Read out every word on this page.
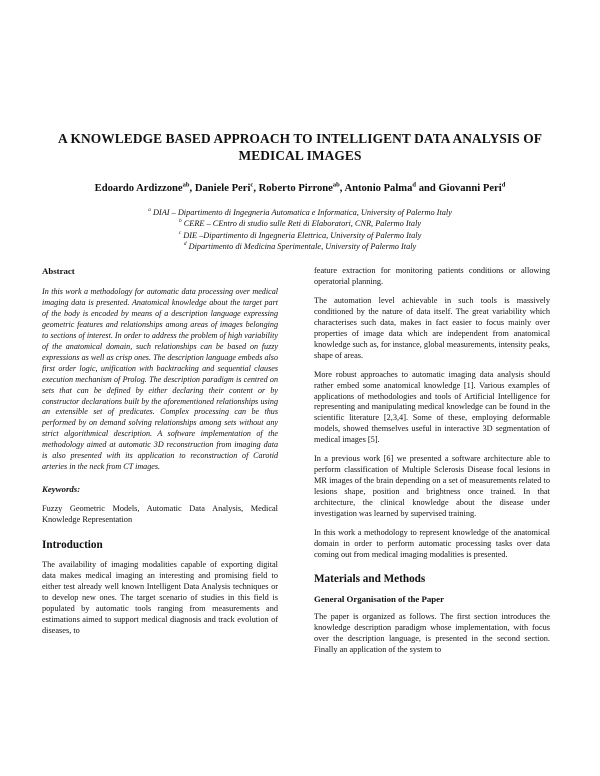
A KNOWLEDGE BASED APPROACH TO INTELLIGENT DATA ANALYSIS OF
MEDICAL IMAGES
Edoardo Ardizzone$^{ab}$, Daniele Peri$^c$, Roberto Pirrone$^{ab}$, Antonio Palma$^d$ and Giovanni Peri$^d$
$^a$ DIAI – Dipartimento di Ingegneria Automatica e Informatica, University of Palermo Italy
$^b$ CERE – CEntro di studio sulle Reti di Elaboratori, CNR, Palermo Italy
$^c$ DIE –Dipartimento di Ingegneria Elettrica, University of Palermo Italy
$^d$ Dipartimento di Medicina Sperimentale, University of Palermo Italy
Abstract

In this work a methodology for automatic data processing over medical imaging data is presented. Anatomical knowledge about the target part of the body is encoded by means of a description language expressing geometric features and relationships among areas of images belonging to sections of interest. In order to address the problem of high variability of the anatomical domain, such relationships can be based on fuzzy expressions as well as crisp ones. The description language embeds also first order logic, unification with backtracking and sequential clauses execution mechanism of Prolog. The description paradigm is centred on sets that can be defined by either declaring their content or by constructor declarations built by the aforementioned relationships using an extensible set of predicates. Complex processing can be thus performed by on demand solving relationships among sets without any strict algorithmical description. A software implementation of the methodology aimed at automatic 3D reconstruction from imaging data is also presented with its application to reconstruction of Carotid arteries in the neck from CT images.

Keywords:

Fuzzy Geometric Models, Automatic Data Analysis, Medical Knowledge Representation

Introduction

The availability of imaging modalities capable of exporting digital data makes medical imaging an interesting and promising field to either test already well known Intelligent Data Analysis techniques or to develop new ones. The target scenario of studies in this field is populated by automatic tools ranging from measurements and estimations aimed to support medical diagnosis and track evolution of diseases, to

feature extraction for monitoring patients conditions or allowing operatorial planning.

The automation level achievable in such tools is massively conditioned by the nature of data itself. The great variability which characterises such data, makes in fact easier to focus mainly over properties of image data which are independent from anatomical knowledge such as, for instance, global measurements, intensity peaks, shape of areas.

More robust approaches to automatic imaging data analysis should rather embed some anatomical knowledge [1]. Various examples of applications of methodologies and tools of Artificial Intelligence for representing and manipulating medical knowledge can be found in the scientific literature [2,3,4]. Some of these, employing deformable models, showed themselves useful in interactive 3D segmentation of medical images [5].

In a previous work [6] we presented a software architecture able to perform classification of Multiple Sclerosis Disease focal lesions in MR images of the brain depending on a set of measurements related to lesions shape, position and brightness once trained. In that architecture, the clinical knowledge about the disease under investigation was learned by supervised training.

In this work a methodology to represent knowledge of the anatomical domain in order to perform automatic processing tasks over data coming out from medical imaging modalities is presented.

Materials and Methods
General Organisation of the Paper

The paper is organized as follows. The first section introduces the knowledge description paradigm whose implementation, with focus over the description language, is presented in the second section. Finally an application of the system to
